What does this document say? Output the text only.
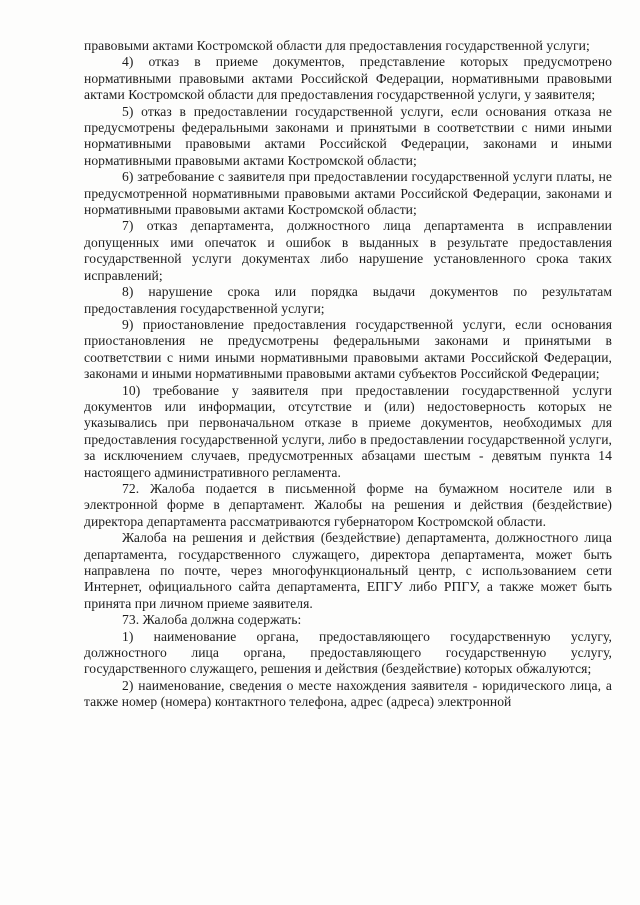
правовыми актами Костромской области для предоставления государственной услуги;

4) отказ в приеме документов, представление которых предусмотрено нормативными правовыми актами Российской Федерации, нормативными правовыми актами Костромской области для предоставления государственной услуги, у заявителя;

5) отказ в предоставлении государственной услуги, если основания отказа не предусмотрены федеральными законами и принятыми в соответствии с ними иными нормативными правовыми актами Российской Федерации, законами и иными нормативными правовыми актами Костромской области;

6) затребование с заявителя при предоставлении государственной услуги платы, не предусмотренной нормативными правовыми актами Российской Федерации, законами и нормативными правовыми актами Костромской области;

7) отказ департамента, должностного лица департамента в исправлении допущенных ими опечаток и ошибок в выданных в результате предоставления государственной услуги документах либо нарушение установленного срока таких исправлений;

8) нарушение срока или порядка выдачи документов по результатам предоставления государственной услуги;

9) приостановление предоставления государственной услуги, если основания приостановления не предусмотрены федеральными законами и принятыми в соответствии с ними иными нормативными правовыми актами Российской Федерации, законами и иными нормативными правовыми актами субъектов Российской Федерации;

10) требование у заявителя при предоставлении государственной услуги документов или информации, отсутствие и (или) недостоверность которых не указывались при первоначальном отказе в приеме документов, необходимых для предоставления государственной услуги, либо в предоставлении государственной услуги, за исключением случаев, предусмотренных абзацами шестым - девятым пункта 14 настоящего административного регламента.

72. Жалоба подается в письменной форме на бумажном носителе или в электронной форме в департамент. Жалобы на решения и действия (бездействие) директора департамента рассматриваются губернатором Костромской области.

Жалоба на решения и действия (бездействие) департамента, должностного лица департамента, государственного служащего, директора департамента, может быть направлена по почте, через многофункциональный центр, с использованием сети Интернет, официального сайта департамента, ЕПГУ либо РПГУ, а также может быть принята при личном приеме заявителя.

73. Жалоба должна содержать:

1) наименование органа, предоставляющего государственную услугу, должностного лица органа, предоставляющего государственную услугу, государственного служащего, решения и действия (бездействие) которых обжалуются;

2) наименование, сведения о месте нахождения заявителя - юридического лица, а также номер (номера) контактного телефона, адрес (адреса) электронной
